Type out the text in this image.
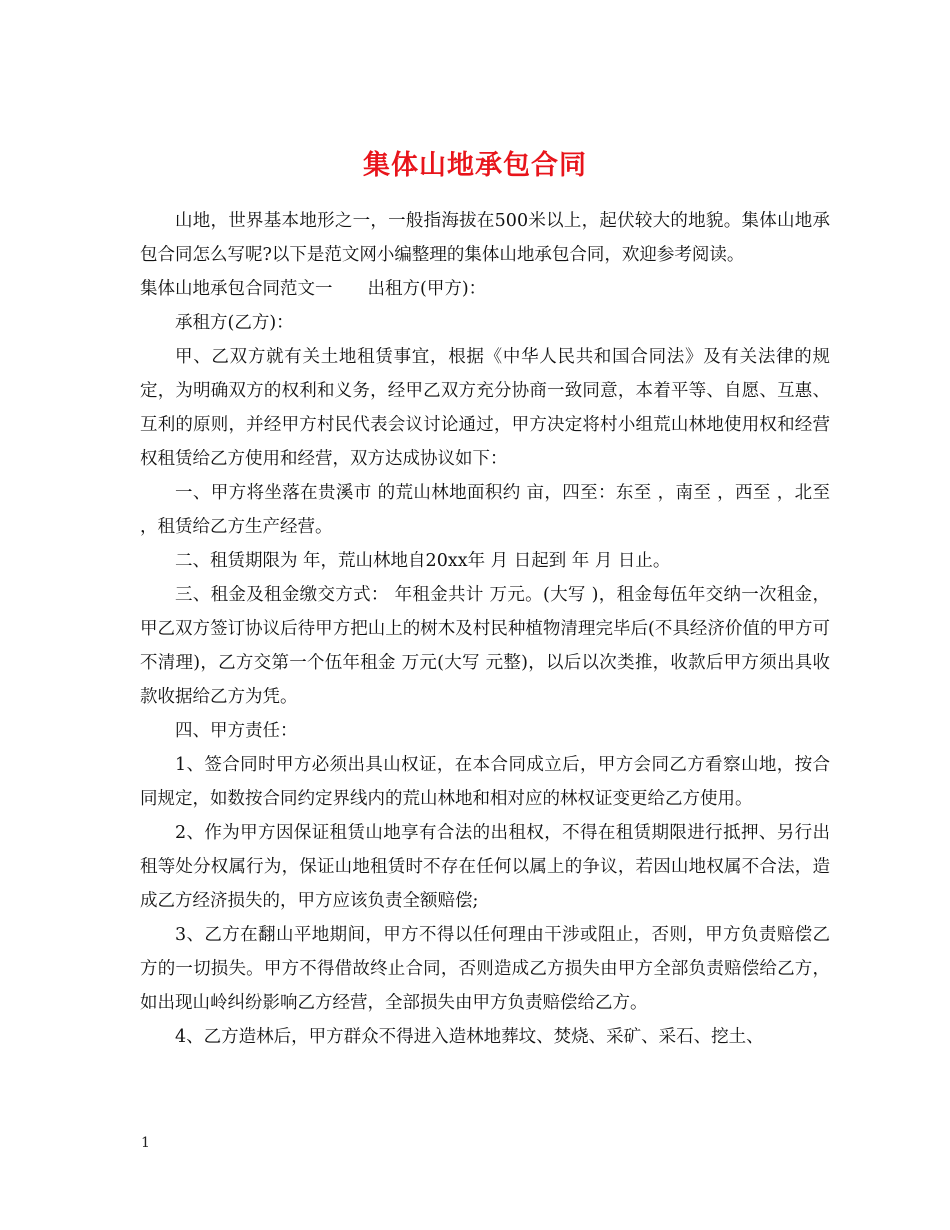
集体山地承包合同

山地，世界基本地形之一，一般指海拔在500米以上，起伏较大的地貌。集体山地承包合同怎么写呢?以下是范文网小编整理的集体山地承包合同，欢迎参考阅读。

集体山地承包合同范文一　　出租方(甲方)：

承租方(乙方)：

甲、乙双方就有关土地租赁事宜，根据《中华人民共和国合同法》及有关法律的规定，为明确双方的权利和义务，经甲乙双方充分协商一致同意，本着平等、自愿、互惠、互利的原则，并经甲方村民代表会议讨论通过，甲方决定将村小组荒山林地使用权和经营权租赁给乙方使用和经营，双方达成协议如下：

一、甲方将坐落在贵溪市 的荒山林地面积约 亩，四至：东至 ，南至 ，西至 ，北至 ，租赁给乙方生产经营。

二、租赁期限为 年，荒山林地自20xx年 月 日起到 年 月 日止。

三、租金及租金缴交方式： 年租金共计 万元。(大写 )，租金每伍年交纳一次租金，甲乙双方签订协议后待甲方把山上的树木及村民种植物清理完毕后(不具经济价值的甲方可不清理)，乙方交第一个伍年租金 万元(大写 元整)，以后以次类推，收款后甲方须出具收款收据给乙方为凭。

四、甲方责任：

1、签合同时甲方必须出具山权证，在本合同成立后，甲方会同乙方看察山地，按合同规定，如数按合同约定界线内的荒山林地和相对应的林权证变更给乙方使用。

2、作为甲方因保证租赁山地享有合法的出租权，不得在租赁期限进行抵押、另行出租等处分权属行为，保证山地租赁时不存在任何以属上的争议，若因山地权属不合法，造成乙方经济损失的，甲方应该负责全额赔偿;

3、乙方在翻山平地期间，甲方不得以任何理由干涉或阻止，否则，甲方负责赔偿乙方的一切损失。甲方不得借故终止合同，否则造成乙方损失由甲方全部负责赔偿给乙方，如出现山岭纠纷影响乙方经营，全部损失由甲方负责赔偿给乙方。

4、乙方造林后，甲方群众不得进入造林地葬坟、焚烧、采矿、采石、挖土、

1
